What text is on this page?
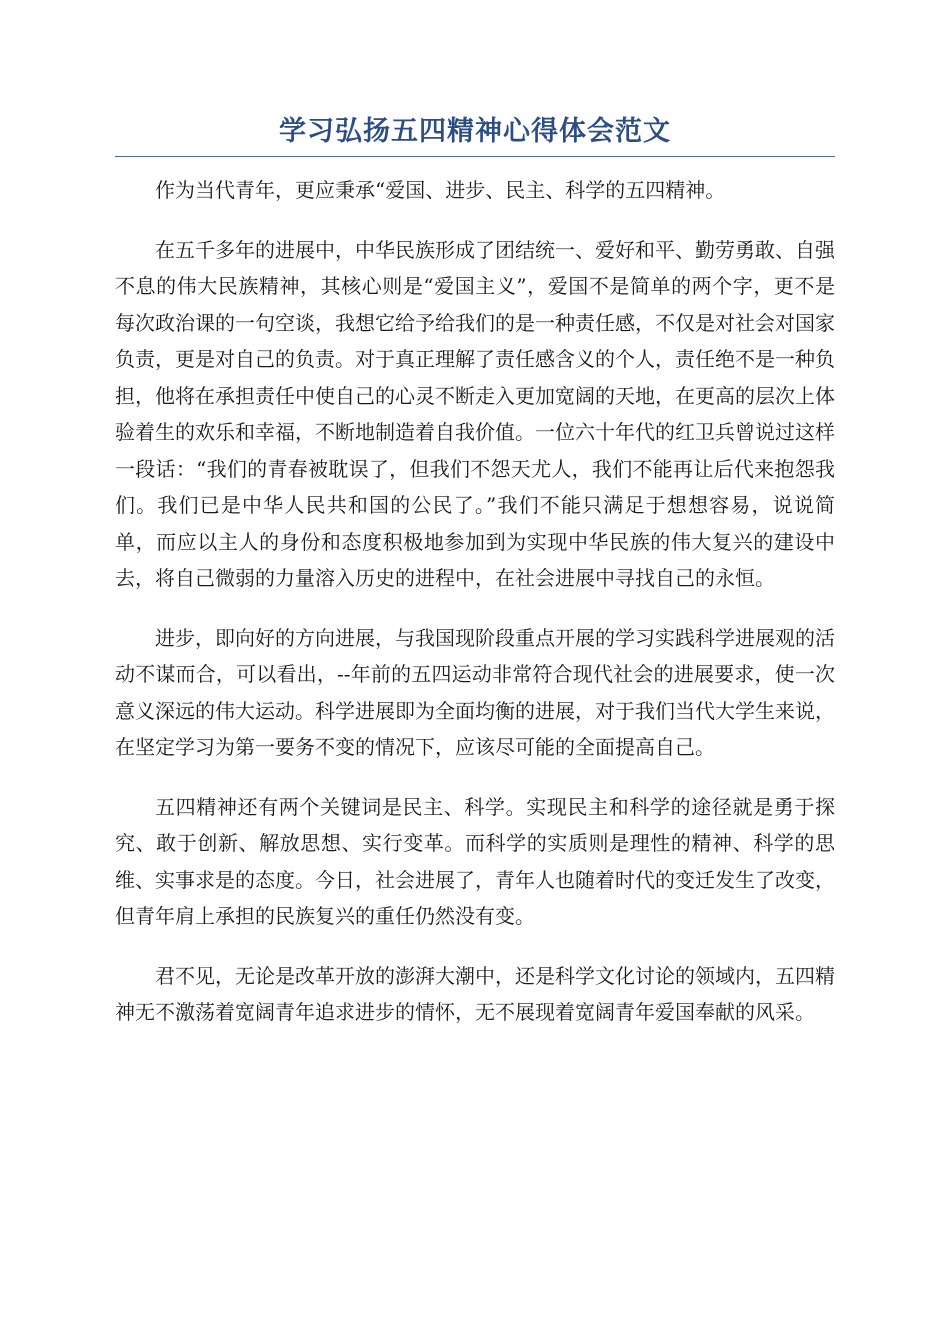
学习弘扬五四精神心得体会范文

作为当代青年，更应秉承“爱国、进步、民主、科学的五四精神。

在五千多年的进展中，中华民族形成了团结统一、爱好和平、勤劳勇敢、自强不息的伟大民族精神，其核心则是“爱国主义”，爱国不是简单的两个字，更不是每次政治课的一句空谈，我想它给予给我们的是一种责任感，不仅是对社会对国家负责，更是对自己的负责。对于真正理解了责任感含义的个人，责任绝不是一种负担，他将在承担责任中使自己的心灵不断走入更加宽阔的天地，在更高的层次上体验着生的欢乐和幸福，不断地制造着自我价值。一位六十年代的红卫兵曾说过这样一段话：“我们的青春被耽误了，但我们不怨天尤人，我们不能再让后代来抱怨我们。我们已是中华人民共和国的公民了。”我们不能只满足于想想容易，说说简单，而应以主人的身份和态度积极地参加到为实现中华民族的伟大复兴的建设中去，将自己微弱的力量溶入历史的进程中，在社会进展中寻找自己的永恒。

进步，即向好的方向进展，与我国现阶段重点开展的学习实践科学进展观的活动不谋而合，可以看出，--年前的五四运动非常符合现代社会的进展要求，使一次意义深远的伟大运动。科学进展即为全面均衡的进展，对于我们当代大学生来说，在坚定学习为第一要务不变的情况下，应该尽可能的全面提高自己。

五四精神还有两个关键词是民主、科学。实现民主和科学的途径就是勇于探究、敢于创新、解放思想、实行变革。而科学的实质则是理性的精神、科学的思维、实事求是的态度。今日，社会进展了，青年人也随着时代的变迁发生了改变，但青年肩上承担的民族复兴的重任仍然没有变。

君不见，无论是改革开放的澎湃大潮中，还是科学文化讨论的领域内，五四精神无不激荡着宽阔青年追求进步的情怀，无不展现着宽阔青年爱国奉献的风采。
